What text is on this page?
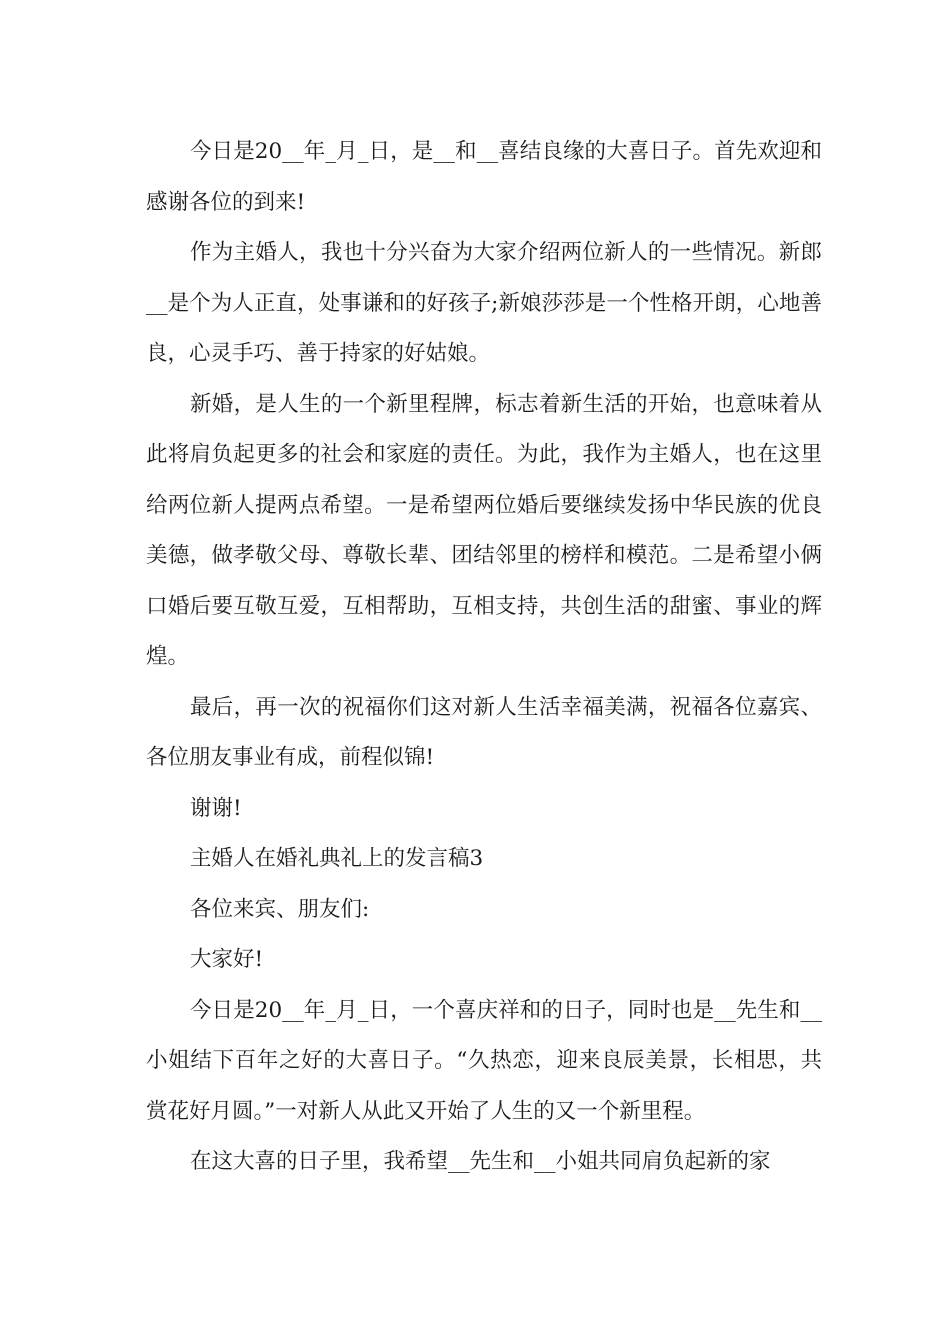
今日是20__年_月_日，是__和__喜结良缘的大喜日子。首先欢迎和感谢各位的到来!

作为主婚人，我也十分兴奋为大家介绍两位新人的一些情况。新郎__是个为人正直，处事谦和的好孩子;新娘莎莎是一个性格开朗，心地善良，心灵手巧、善于持家的好姑娘。

新婚，是人生的一个新里程牌，标志着新生活的开始，也意味着从此将肩负起更多的社会和家庭的责任。为此，我作为主婚人，也在这里给两位新人提两点希望。一是希望两位婚后要继续发扬中华民族的优良美德，做孝敬父母、尊敬长辈、团结邻里的榜样和模范。二是希望小俩口婚后要互敬互爱，互相帮助，互相支持，共创生活的甜蜜、事业的辉煌。

最后，再一次的祝福你们这对新人生活幸福美满，祝福各位嘉宾、各位朋友事业有成，前程似锦!

谢谢!

主婚人在婚礼典礼上的发言稿3

各位来宾、朋友们:

大家好!

今日是20__年_月_日，一个喜庆祥和的日子，同时也是__先生和__小姐结下百年之好的大喜日子。“久热恋，迎来良辰美景，长相思，共赏花好月圆。”一对新人从此又开始了人生的又一个新里程。

在这大喜的日子里，我希望__先生和__小姐共同肩负起新的家
